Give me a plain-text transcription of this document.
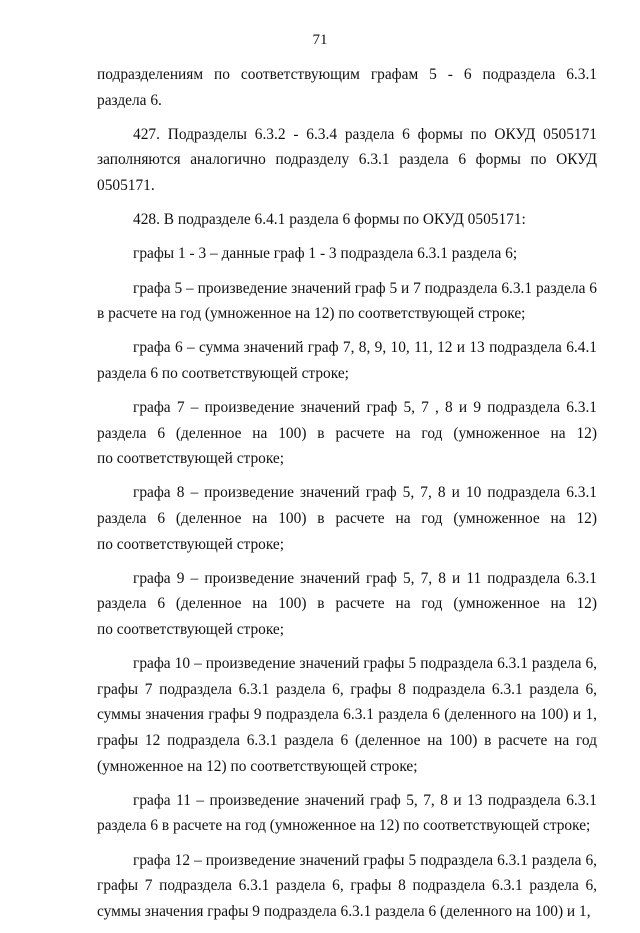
71

подразделениям по соответствующим графам 5 - 6 подраздела 6.3.1
раздела 6.

427. Подразделы 6.3.2 - 6.3.4 раздела 6 формы по ОКУД 0505171
заполняются аналогично подразделу 6.3.1 раздела 6 формы по ОКУД
0505171.

428. В подразделе 6.4.1 раздела 6 формы по ОКУД 0505171:

графы 1 - 3 – данные граф 1 - 3 подраздела 6.3.1 раздела 6;

графа 5 – произведение значений граф 5 и 7 подраздела 6.3.1 раздела 6
в расчете на год (умноженное на 12) по соответствующей строке;

графа 6 – сумма значений граф 7, 8, 9, 10, 11, 12 и 13 подраздела 6.4.1
раздела 6 по соответствующей строке;

графа 7 – произведение значений граф 5, 7 , 8 и 9 подраздела 6.3.1
раздела 6 (деленное на 100) в расчете на год (умноженное на 12)
по соответствующей строке;

графа 8 – произведение значений граф 5, 7, 8 и 10 подраздела 6.3.1
раздела 6 (деленное на 100) в расчете на год (умноженное на 12)
по соответствующей строке;

графа 9 – произведение значений граф 5, 7, 8 и 11 подраздела 6.3.1
раздела 6 (деленное на 100) в расчете на год (умноженное на 12)
по соответствующей строке;

графа 10 – произведение значений графы 5 подраздела 6.3.1 раздела 6,
графы 7 подраздела 6.3.1 раздела 6, графы 8 подраздела 6.3.1 раздела 6,
суммы значения графы 9 подраздела 6.3.1 раздела 6 (деленного на 100) и 1,
графы 12 подраздела 6.3.1 раздела 6 (деленное на 100) в расчете на год
(умноженное на 12) по соответствующей строке;

графа 11 – произведение значений граф 5, 7, 8 и 13 подраздела 6.3.1
раздела 6 в расчете на год (умноженное на 12) по соответствующей строке;

графа 12 – произведение значений графы 5 подраздела 6.3.1 раздела 6,
графы 7 подраздела 6.3.1 раздела 6, графы 8 подраздела 6.3.1 раздела 6,
суммы значения графы 9 подраздела 6.3.1 раздела 6 (деленного на 100) и 1,
